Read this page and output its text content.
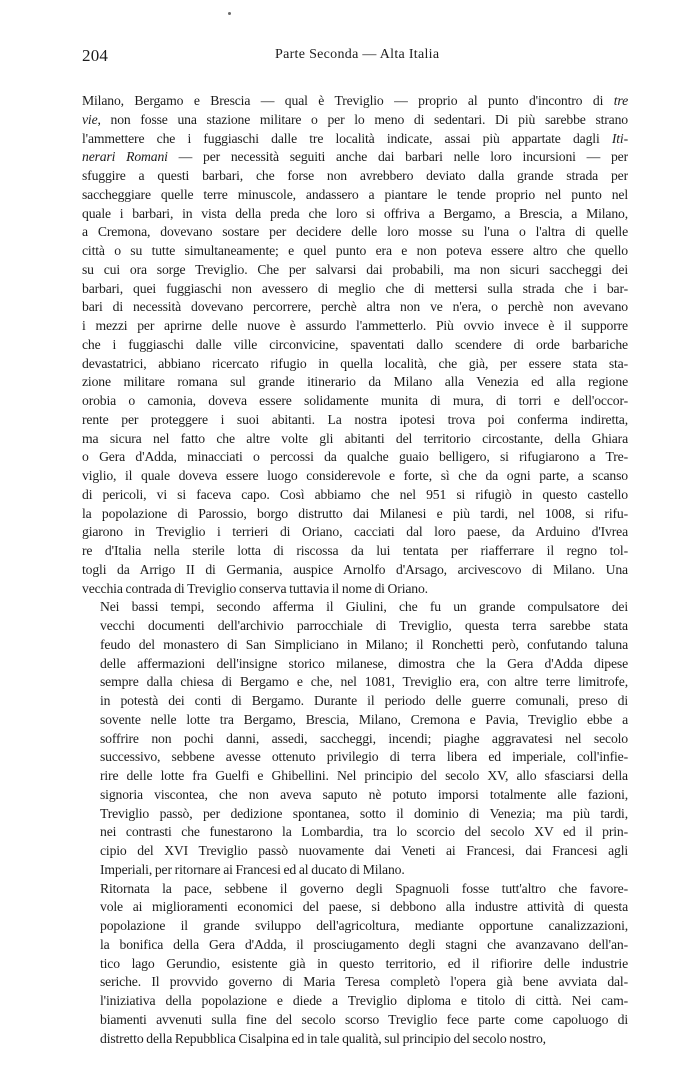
204	Parte Seconda — Alta Italia
Milano, Bergamo e Brescia — qual è Treviglio — proprio al punto d'incontro di tre
vie, non fosse una stazione militare o per lo meno di sedentari. Di più sarebbe strano
l'ammettere che i fuggiaschi dalle tre località indicate, assai più appartate dagli Iti-
nerari Romani — per necessità seguiti anche dai barbari nelle loro incursioni — per
sfuggire a questi barbari, che forse non avrebbero deviato dalla grande strada per
saccheggiare quelle terre minuscole, andassero a piantare le tende proprio nel punto nel
quale i barbari, in vista della preda che loro si offriva a Bergamo, a Brescia, a Milano,
a Cremona, dovevano sostare per decidere delle loro mosse su l'una o l'altra di quelle
città o su tutte simultaneamente; e quel punto era e non poteva essere altro che quello
su cui ora sorge Treviglio. Che per salvarsi dai probabili, ma non sicuri saccheggi dei
barbari, quei fuggiaschi non avessero di meglio che di mettersi sulla strada che i bar-
bari di necessità dovevano percorrere, perchè altra non ve n'era, o perchè non avevano
i mezzi per aprirne delle nuove è assurdo l'ammetterlo. Più ovvio invece è il supporre
che i fuggiaschi dalle ville circonvicine, spaventati dallo scendere di orde barbariche
devastatrici, abbiano ricercato rifugio in quella località, che già, per essere stata sta-
zione militare romana sul grande itinerario da Milano alla Venezia ed alla regione
orobia o camonia, doveva essere solidamente munita di mura, di torri e dell'occor-
rente per proteggere i suoi abitanti. La nostra ipotesi trova poi conferma indiretta,
ma sicura nel fatto che altre volte gli abitanti del territorio circostante, della Ghiara
o Gera d'Adda, minacciati o percossi da qualche guaio belligero, si rifugiarono a Tre-
viglio, il quale doveva essere luogo considerevole e forte, sì che da ogni parte, a scanso
di pericoli, vi si faceva capo. Così abbiamo che nel 951 si rifugiò in questo castello
la popolazione di Parossio, borgo distrutto dai Milanesi e più tardi, nel 1008, si rifu-
giarono in Treviglio i terrieri di Oriano, cacciati dal loro paese, da Arduino d'Ivrea
re d'Italia nella sterile lotta di riscossa da lui tentata per riafferrare il regno tol-
togli da Arrigo II di Germania, auspice Arnolfo d'Arsago, arcivescovo di Milano. Una
vecchia contrada di Treviglio conserva tuttavia il nome di Oriano.
Nei bassi tempi, secondo afferma il Giulini, che fu un grande compulsatore dei
vecchi documenti dell'archivio parrocchiale di Treviglio, questa terra sarebbe stata
feudo del monastero di San Simpliciano in Milano; il Ronchetti però, confutando taluna
delle affermazioni dell'insigne storico milanese, dimostra che la Gera d'Adda dipese
sempre dalla chiesa di Bergamo e che, nel 1081, Treviglio era, con altre terre limitrofe,
in potestà dei conti di Bergamo. Durante il periodo delle guerre comunali, preso di
sovente nelle lotte tra Bergamo, Brescia, Milano, Cremona e Pavia, Treviglio ebbe a
soffrire non pochi danni, assedi, saccheggi, incendi; piaghe aggravatesi nel secolo
successivo, sebbene avesse ottenuto privilegio di terra libera ed imperiale, coll'infie-
rire delle lotte fra Guelfi e Ghibellini. Nel principio del secolo XV, allo sfasciarsi della
signoria viscontea, che non aveva saputo nè potuto imporsi totalmente alle fazioni,
Treviglio passò, per dedizione spontanea, sotto il dominio di Venezia; ma più tardi,
nei contrasti che funestarono la Lombardia, tra lo scorcio del secolo XV ed il prin-
cipio del XVI Treviglio passò nuovamente dai Veneti ai Francesi, dai Francesi agli
Imperiali, per ritornare ai Francesi ed al ducato di Milano.
Ritornata la pace, sebbene il governo degli Spagnuoli fosse tutt'altro che favore-
vole ai miglioramenti economici del paese, si debbono alla industre attività di questa
popolazione il grande sviluppo dell'agricoltura, mediante opportune canalizzazioni,
la bonifica della Gera d'Adda, il prosciugamento degli stagni che avanzavano dell'an-
tico lago Gerundio, esistente già in questo territorio, ed il rifiorire delle industrie
seriche. Il provvido governo di Maria Teresa completò l'opera già bene avviata dal-
l'iniziativa della popolazione e diede a Treviglio diploma e titolo di città. Nei cam-
biamenti avvenuti sulla fine del secolo scorso Treviglio fece parte come capoluogo di
distretto della Repubblica Cisalpina ed in tale qualità, sul principio del secolo nostro,
